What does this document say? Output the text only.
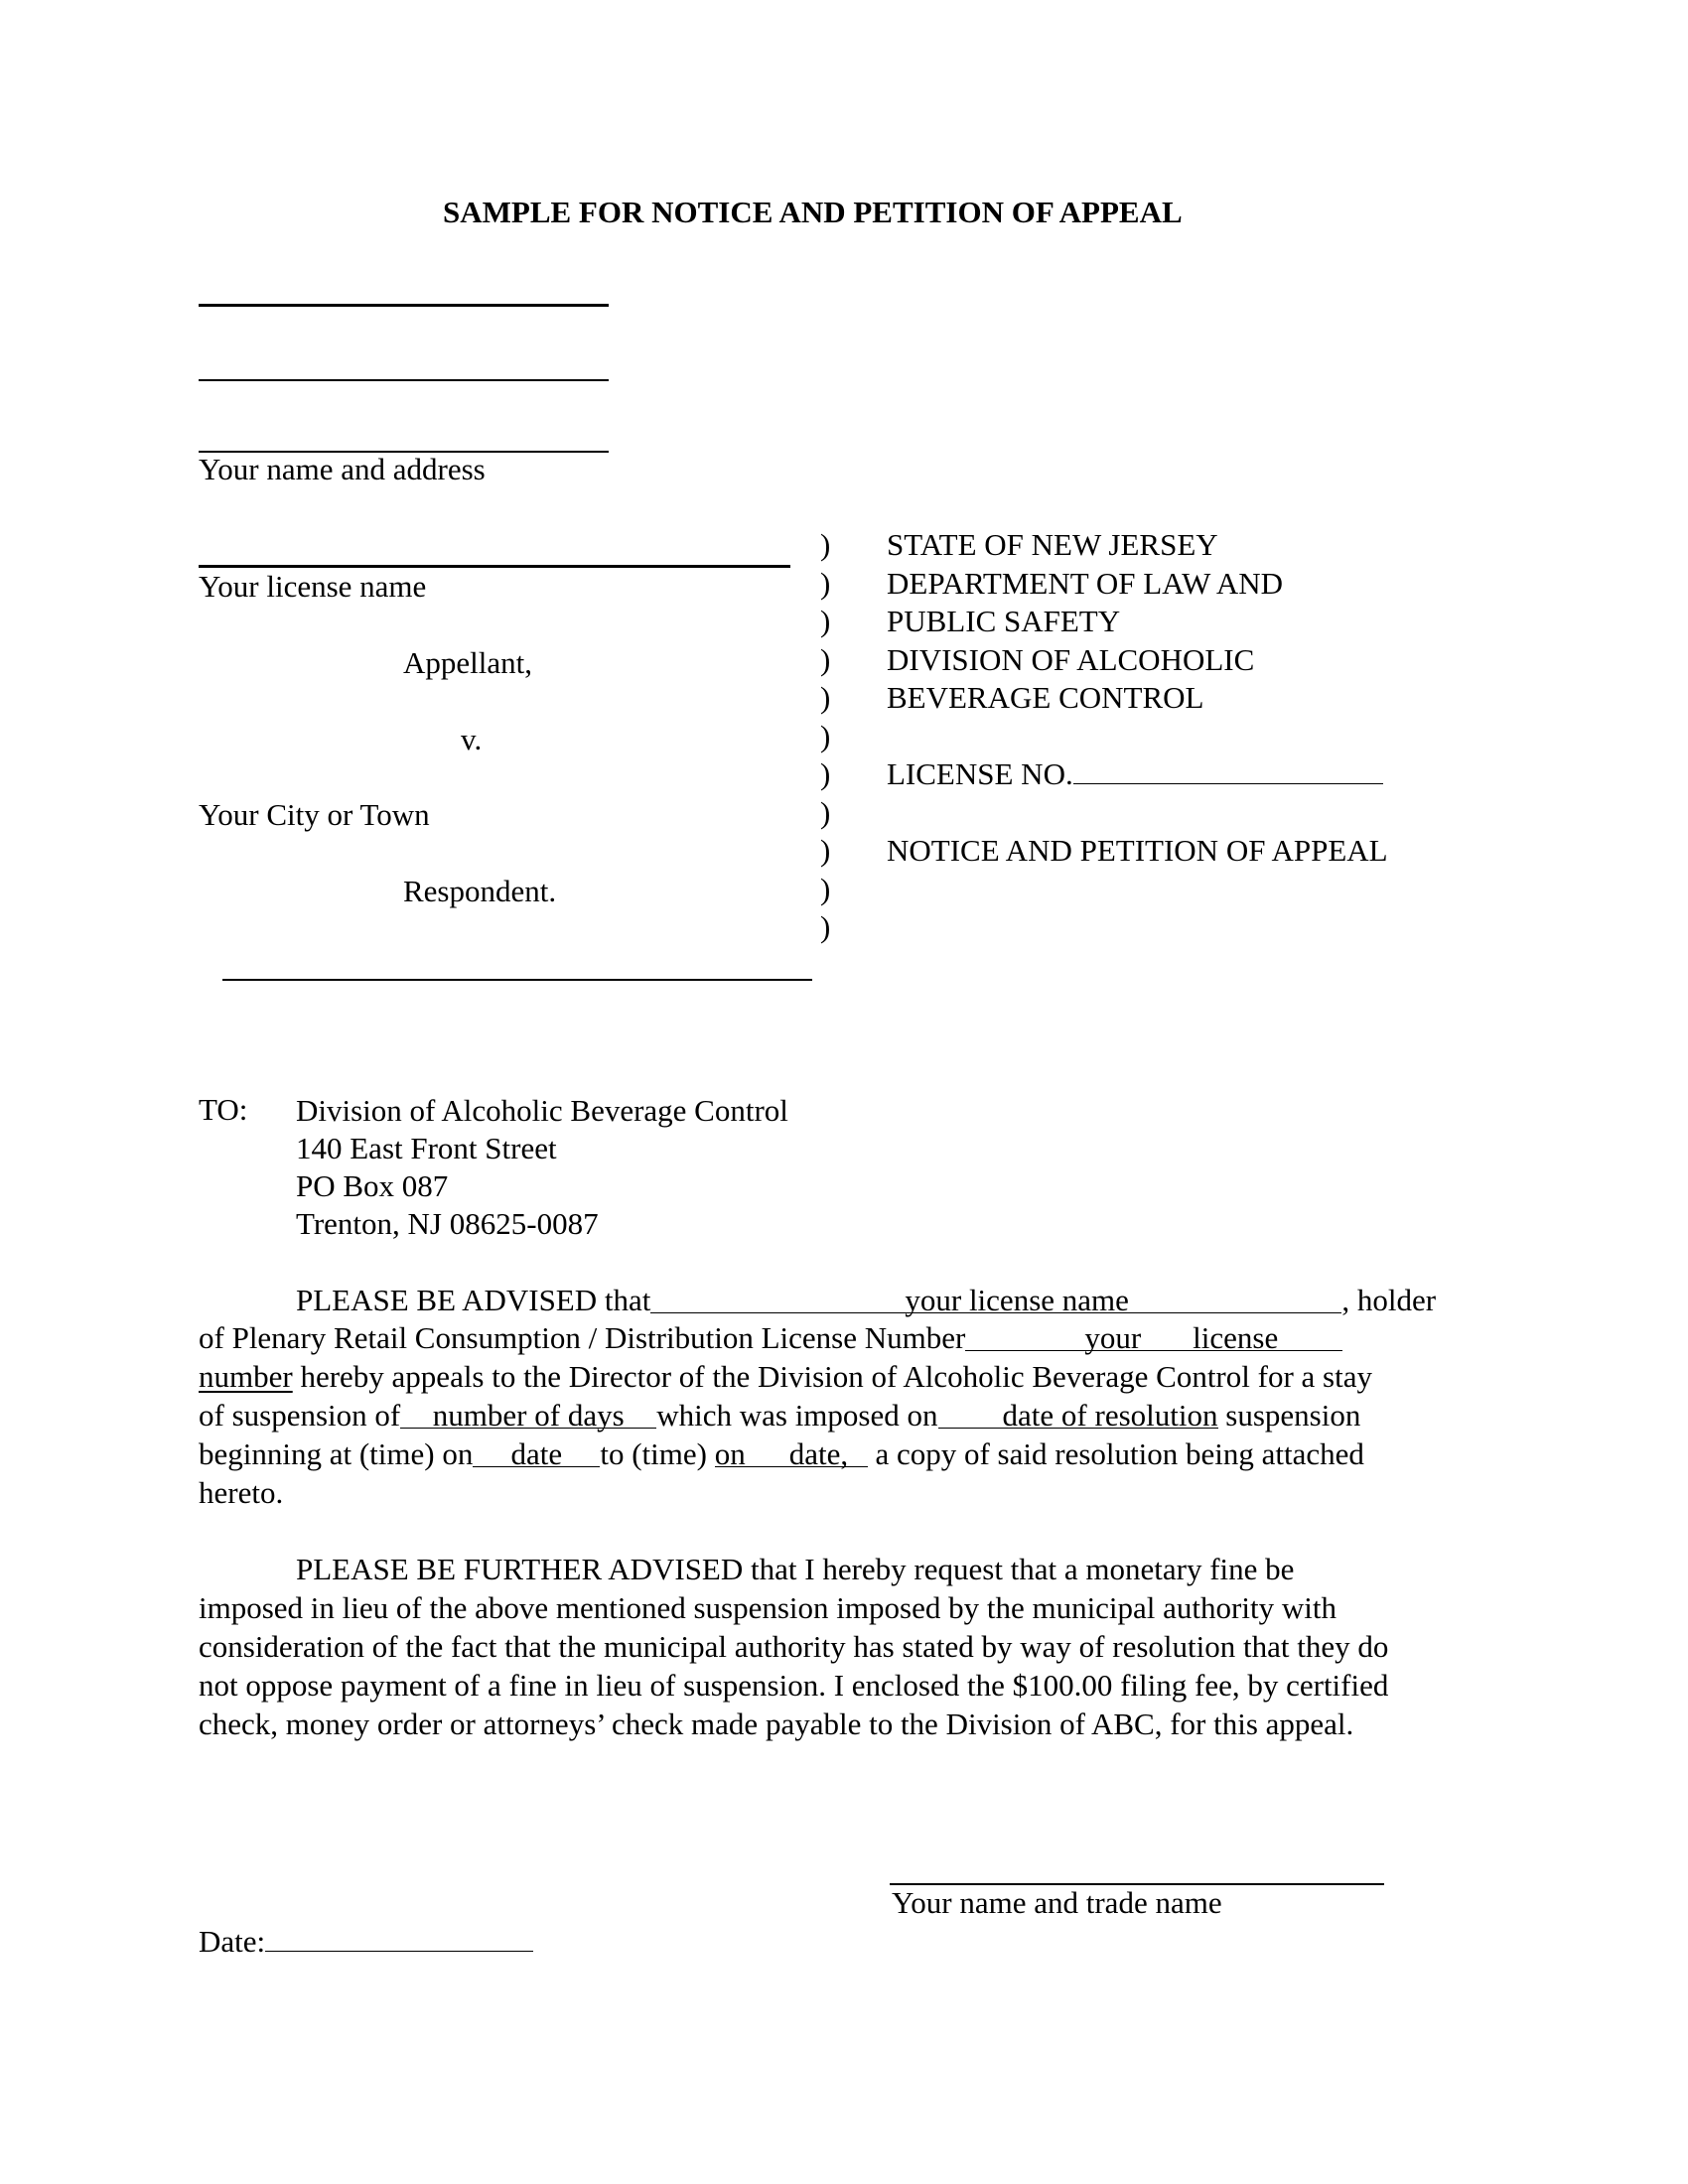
SAMPLE FOR NOTICE AND PETITION OF APPEAL
Your name and address
Your license name
Appellant,
v.
Your City or Town
Respondent.
)
)
)
)
)
)
)
)
)
)
)
STATE OF NEW JERSEY
DEPARTMENT OF LAW AND
PUBLIC SAFETY
DIVISION OF ALCOHOLIC
BEVERAGE CONTROL
LICENSE NO.
NOTICE AND PETITION OF APPEAL
TO: Division of Alcoholic Beverage Control
140 East Front Street
PO Box 087
Trenton, NJ 08625-0087
PLEASE BE ADVISED that	your license name	, holder
of Plenary Retail Consumption / Distribution License Number	your license
number hereby appeals to the Director of the Division of Alcoholic Beverage Control for a stay
of suspension of number of days which was imposed on date of resolution suspension
beginning at (time) on date to (time) on date, a copy of said resolution being attached
hereto.
PLEASE BE FURTHER ADVISED that I hereby request that a monetary fine be
imposed in lieu of the above mentioned suspension imposed by the municipal authority with
consideration of the fact that the municipal authority has stated by way of resolution that they do
not oppose payment of a fine in lieu of suspension. I enclosed the $100.00 filing fee, by certified
check, money order or attorneys’ check made payable to the Division of ABC, for this appeal.
Your name and trade name
Date:
